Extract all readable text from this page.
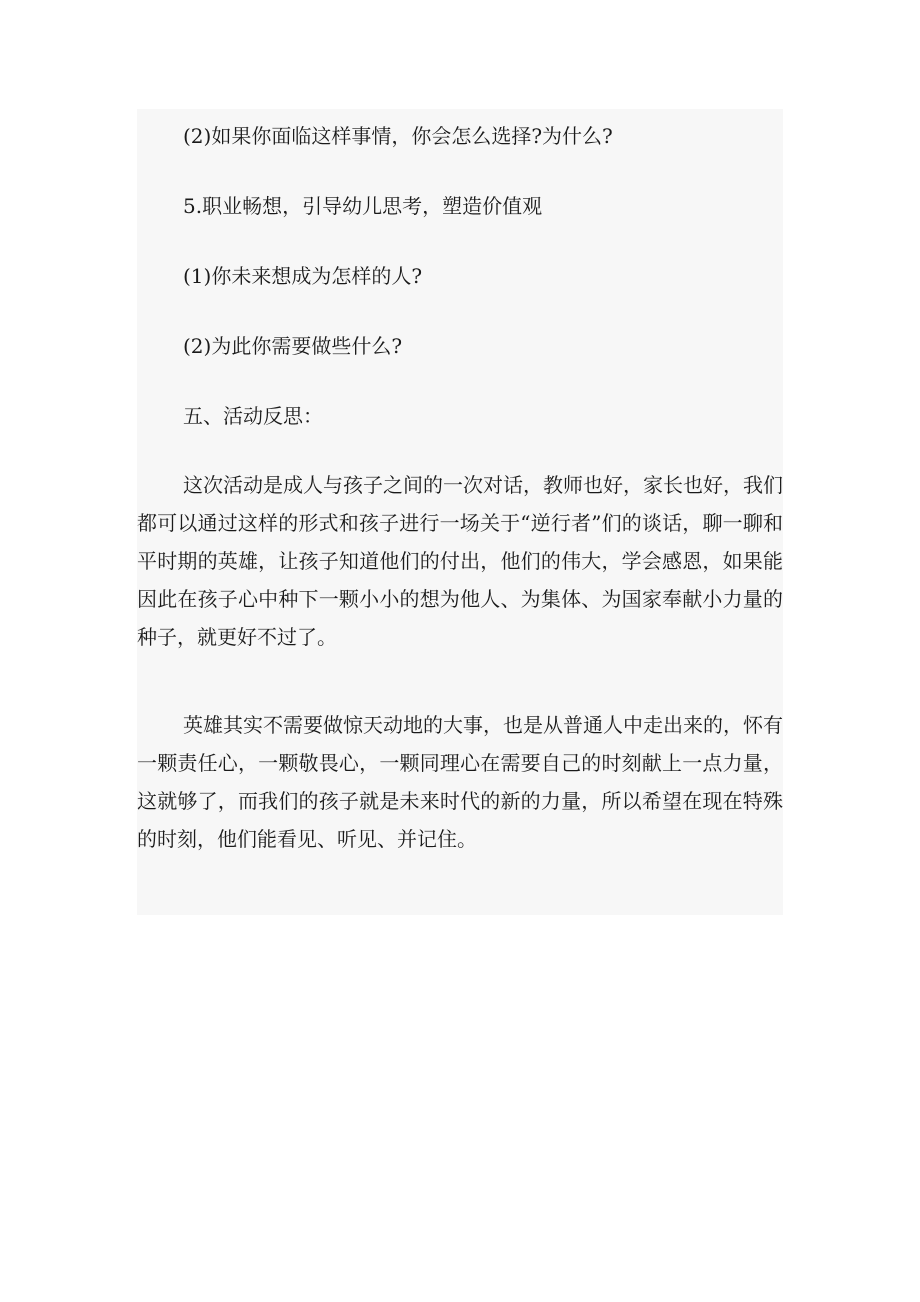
(2)如果你面临这样事情，你会怎么选择?为什么?

5.职业畅想，引导幼儿思考，塑造价值观

(1)你未来想成为怎样的人?

(2)为此你需要做些什么?

五、活动反思：

这次活动是成人与孩子之间的一次对话，教师也好，家长也好，我们都可以通过这样的形式和孩子进行一场关于“逆行者”们的谈话，聊一聊和平时期的英雄，让孩子知道他们的付出，他们的伟大，学会感恩，如果能因此在孩子心中种下一颗小小的想为他人、为集体、为国家奉献小力量的种子，就更好不过了。

英雄其实不需要做惊天动地的大事，也是从普通人中走出来的，怀有一颗责任心，一颗敬畏心，一颗同理心在需要自己的时刻献上一点力量，这就够了，而我们的孩子就是未来时代的新的力量，所以希望在现在特殊的时刻，他们能看见、听见、并记住。
